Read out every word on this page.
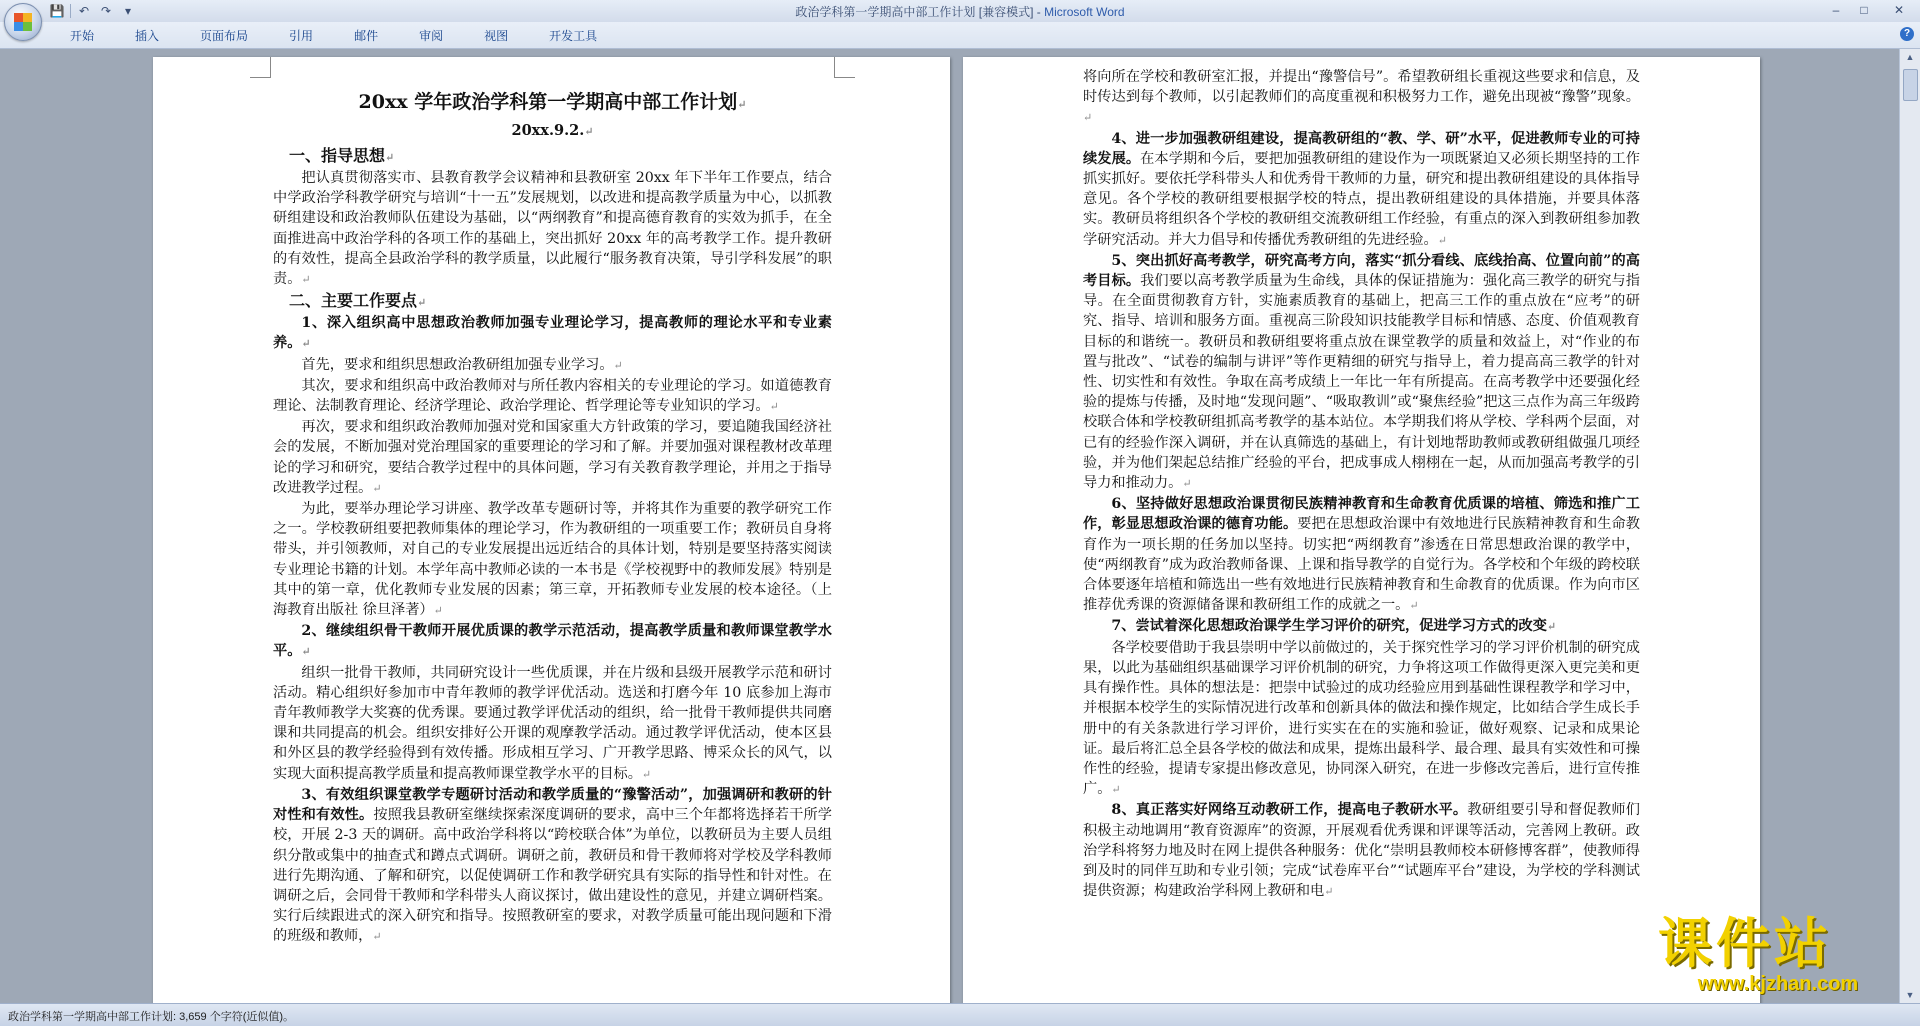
💾	↶ ↷	▾	政治学科第一学期高中部工作计划 [兼容模式] - Microsoft Word	–	□	✕
开始	插入	页面布局	引用	邮件	审阅	视图	开发工具	?

20xx 学年政治学科第一学期高中部工作计划↵

20xx.9.2.↵

一、指导思想↵

把认真贯彻落实市、县教育教学会议精神和县教研室 20xx 年下半年工作要点，结合中学政治学科教学研究与培训“十一五”发展规划，以改进和提高教学质量为中心，以抓教研组建设和政治教师队伍建设为基础，以“两纲教育”和提高德育教育的实效为抓手，在全面推进高中政治学科的各项工作的基础上，突出抓好 20xx 年的高考教学工作。提升教研的有效性，提高全县政治学科的教学质量，以此履行“服务教育决策，导引学科发展”的职责。↵

二、主要工作要点↵

1、深入组织高中思想政治教师加强专业理论学习，提高教师的理论水平和专业素养。↵

首先，要求和组织思想政治教研组加强专业学习。↵

其次，要求和组织高中政治教师对与所任教内容相关的专业理论的学习。如道德教育理论、法制教育理论、经济学理论、政治学理论、哲学理论等专业知识的学习。↵

再次，要求和组织政治教师加强对党和国家重大方针政策的学习，要追随我国经济社会的发展，不断加强对党治理国家的重要理论的学习和了解。并要加强对课程教材改革理论的学习和研究，要结合教学过程中的具体问题，学习有关教育教学理论，并用之于指导改进教学过程。↵

为此，要举办理论学习讲座、教学改革专题研讨等，并将其作为重要的教学研究工作之一。学校教研组要把教师集体的理论学习，作为教研组的一项重要工作；教研员自身将带头，并引领教师，对自己的专业发展提出远近结合的具体计划，特别是要坚持落实阅读专业理论书籍的计划。本学年高中教师必读的一本书是《学校视野中的教师发展》特别是其中的第一章，优化教师专业发展的因素；第三章，开拓教师专业发展的校本途径。（上海教育出版社 徐旦泽著）↵

2、继续组织骨干教师开展优质课的教学示范活动，提高教学质量和教师课堂教学水平。↵

组织一批骨干教师，共同研究设计一些优质课，并在片级和县级开展教学示范和研讨活动。精心组织好参加市中青年教师的教学评优活动。选送和打磨今年 10 底参加上海市青年教师教学大奖赛的优秀课。要通过教学评优活动的组织，给一批骨干教师提供共同磨课和共同提高的机会。组织安排好公开课的观摩教学活动。通过教学评优活动，使本区县和外区县的教学经验得到有效传播。形成相互学习、广开教学思路、博采众长的风气，以实现大面积提高教学质量和提高教师课堂教学水平的目标。↵

3、有效组织课堂教学专题研讨活动和教学质量的“豫警活动”，加强调研和教研的针对性和有效性。按照我县教研室继续探索深度调研的要求，高中三个年都将选择若干所学校，开展 2-3 天的调研。高中政治学科将以“跨校联合体”为单位，以教研员为主要人员组织分散或集中的抽查式和蹲点式调研。调研之前，教研员和骨干教师将对学校及学科教师进行先期沟通、了解和研究，以促使调研工作和教学研究具有实际的指导性和针对性。在调研之后，会同骨干教师和学科带头人商议探讨，做出建设性的意见，并建立调研档案。实行后续跟进式的深入研究和指导。按照教研室的要求，对教学质量可能出现问题和下滑的班级和教师，↵

将向所在学校和教研室汇报，并提出“豫警信号”。希望教研组长重视这些要求和信息，及时传达到每个教师，以引起教师们的高度重视和积极努力工作，避免出现被“豫警”现象。↵

4、进一步加强教研组建设，提高教研组的“教、学、研”水平，促进教师专业的可持续发展。在本学期和今后，要把加强教研组的建设作为一项既紧迫又必须长期坚持的工作抓实抓好。要依托学科带头人和优秀骨干教师的力量，研究和提出教研组建设的具体指导意见。各个学校的教研组要根据学校的特点，提出教研组建设的具体措施，并要具体落实。教研员将组织各个学校的教研组交流教研组工作经验，有重点的深入到教研组参加教学研究活动。并大力倡导和传播优秀教研组的先进经验。↵

5、突出抓好高考教学，研究高考方向，落实“抓分看线、底线抬高、位置向前”的高考目标。我们要以高考教学质量为生命线，具体的保证措施为：强化高三教学的研究与指导。在全面贯彻教育方针，实施素质教育的基础上，把高三工作的重点放在“应考”的研究、指导、培训和服务方面。重视高三阶段知识技能教学目标和情感、态度、价值观教育目标的和谐统一。教研员和教研组要将重点放在课堂教学的质量和效益上，对“作业的布置与批改”、“试卷的编制与讲评”等作更精细的研究与指导上，着力提高高三教学的针对性、切实性和有效性。争取在高考成绩上一年比一年有所提高。在高考教学中还要强化经验的提炼与传播，及时地“发现问题”、“吸取教训”或“聚焦经验”把这三点作为高三年级跨校联合体和学校教研组抓高考教学的基本站位。本学期我们将从学校、学科两个层面，对已有的经验作深入调研，并在认真筛选的基础上，有计划地帮助教师或教研组做强几项经验，并为他们架起总结推广经验的平台，把成事成人栩栩在一起，从而加强高考教学的引导力和推动力。↵

6、坚持做好思想政治课贯彻民族精神教育和生命教育优质课的培植、筛选和推广工作，彰显思想政治课的德育功能。要把在思想政治课中有效地进行民族精神教育和生命教育作为一项长期的任务加以坚持。切实把“两纲教育”渗透在日常思想政治课的教学中，使“两纲教育”成为政治教师备课、上课和指导教学的自觉行为。各学校和个年级的跨校联合体要逐年培植和筛选出一些有效地进行民族精神教育和生命教育的优质课。作为向市区推荐优秀课的资源储备课和教研组工作的成就之一。↵

7、尝试着深化思想政治课学生学习评价的研究，促进学习方式的改变↵

各学校要借助于我县崇明中学以前做过的，关于探究性学习的学习评价机制的研究成果，以此为基础组织基础课学习评价机制的研究，力争将这项工作做得更深入更完美和更具有操作性。具体的想法是：把崇中试验过的成功经验应用到基础性课程教学和学习中，并根据本校学生的实际情况进行改革和创新具体的做法和操作规定，比如结合学生成长手册中的有关条款进行学习评价，进行实实在在的实施和验证，做好观察、记录和成果论证。最后将汇总全县各学校的做法和成果，提炼出最科学、最合理、最具有实效性和可操作性的经验，提请专家提出修改意见，协同深入研究，在进一步修改完善后，进行宣传推广。↵

8、真正落实好网络互动教研工作，提高电子教研水平。教研组要引导和督促教师们积极主动地调用“教育资源库”的资源，开展观看优秀课和评课等活动，完善网上教研。政治学科将努力地及时在网上提供各种服务：优化“崇明县教师校本研修博客群”，使教师得到及时的同伴互助和专业引领；完成“试卷库平台”“试题库平台”建设，为学校的学科测试提供资源；构建政治学科网上教研和电↵

▲
▼
政治学科第一学期高中部工作计划: 3,659 个字符(近似值)。
课件站
www.kjzhan.com
